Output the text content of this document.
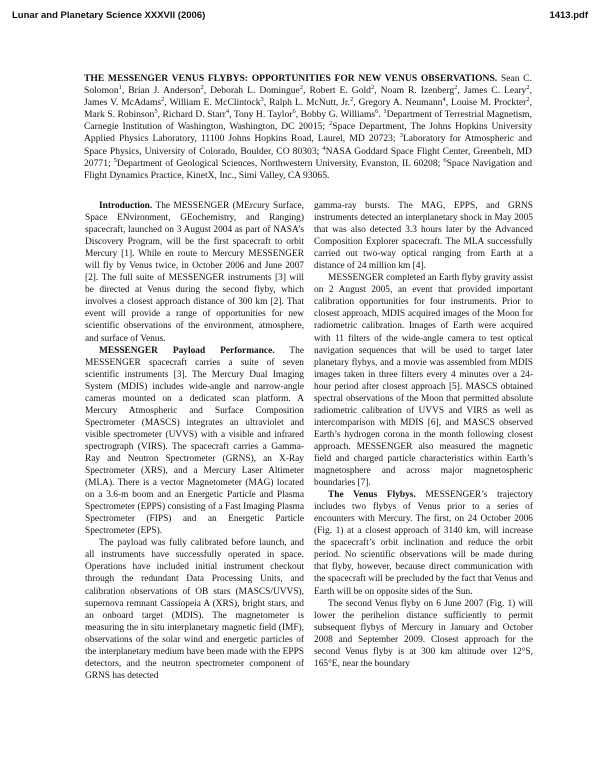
Lunar and Planetary Science XXXVII (2006)	1413.pdf
THE MESSENGER VENUS FLYBYS: OPPORTUNITIES FOR NEW VENUS OBSERVATIONS. Sean C. Solomon$^1$, Brian J. Anderson$^2$, Deborah L. Domingue$^2$, Robert E. Gold$^2$, Noam R. Izenberg$^2$, James C. Leary$^2$, James V. McAdams$^2$, William E. McClintock$^3$, Ralph L. McNutt, Jr.$^2$, Gregory A. Neumann$^4$, Louise M. Prockter$^2$, Mark S. Robinson$^5$, Richard D. Starr$^4$, Tony H. Taylor$^6$, Bobby G. Williams$^6$. $^1$Department of Terrestrial Magnetism, Carnegie Institution of Washington, Washington, DC 20015; $^2$Space Department, The Johns Hopkins University Applied Physics Laboratory, 11100 Johns Hopkins Road, Laurel, MD 20723; $^3$Laboratory for Atmospheric and Space Physics, University of Colorado, Boulder, CO 80303; $^4$NASA Goddard Space Flight Center, Greenbelt, MD 20771; $^5$Department of Geological Sciences, Northwestern University, Evanston, IL 60208; $^6$Space Navigation and Flight Dynamics Practice, KinetX, Inc., Simi Valley, CA 93065.

Introduction. The MESSENGER (MErcury Surface, Space ENvironment, GEochemistry, and Ranging) spacecraft, launched on 3 August 2004 as part of NASA’s Discovery Program, will be the first spacecraft to orbit Mercury [1]. While en route to Mercury MESSENGER will fly by Venus twice, in October 2006 and June 2007 [2]. The full suite of MESSENGER instruments [3] will be directed at Venus during the second flyby, which involves a closest approach distance of 300 km [2]. That event will provide a range of opportunities for new scientific observations of the environment, atmosphere, and surface of Venus.

MESSENGER Payload Performance. The MESSENGER spacecraft carries a suite of seven scientific instruments [3]. The Mercury Dual Imaging System (MDIS) includes wide-angle and narrow-angle cameras mounted on a dedicated scan platform. A Mercury Atmospheric and Surface Composition Spectrometer (MASCS) integrates an ultraviolet and visible spectrometer (UVVS) with a visible and infrared spectrograph (VIRS). The spacecraft carries a Gamma-Ray and Neutron Spectrometer (GRNS), an X-Ray Spectrometer (XRS), and a Mercury Laser Altimeter (MLA). There is a vector Magnetometer (MAG) located on a 3.6-m boom and an Energetic Particle and Plasma Spectrometer (EPPS) consisting of a Fast Imaging Plasma Spectrometer (FIPS) and an Energetic Particle Spectrometer (EPS).

The payload was fully calibrated before launch, and all instruments have successfully operated in space. Operations have included initial instrument checkout through the redundant Data Processing Units, and calibration observations of OB stars (MASCS/UVVS), supernova remnant Cassiopeia A (XRS), bright stars, and an onboard target (MDIS). The magnetometer is measuring the in situ interplanetary magnetic field (IMF), observations of the solar wind and energetic particles of the interplanetary medium have been made with the EPPS detectors, and the neutron spectrometer component of GRNS has detected

gamma-ray bursts. The MAG, EPPS, and GRNS instruments detected an interplanetary shock in May 2005 that was also detected 3.3 hours later by the Advanced Composition Explorer spacecraft. The MLA successfully carried out two-way optical ranging from Earth at a distance of 24 million km [4].

MESSENGER completed an Earth flyby gravity assist on 2 August 2005, an event that provided important calibration opportunities for four instruments. Prior to closest approach, MDIS acquired images of the Moon for radiometric calibration. Images of Earth were acquired with 11 filters of the wide-angle camera to test optical navigation sequences that will be used to target later planetary flybys, and a movie was assembled from MDIS images taken in three filters every 4 minutes over a 24-hour period after closest approach [5]. MASCS obtained spectral observations of the Moon that permitted absolute radiometric calibration of UVVS and VIRS as well as intercomparison with MDIS [6], and MASCS observed Earth’s hydrogen corona in the month following closest approach. MESSENGER also measured the magnetic field and charged particle characteristics within Earth’s magnetosphere and across major magnetospheric boundaries [7].

The Venus Flybys. MESSENGER’s trajectory includes two flybys of Venus prior to a series of encounters with Mercury. The first, on 24 October 2006 (Fig. 1) at a closest approach of 3140 km, will increase the spacecraft’s orbit inclination and reduce the orbit period. No scientific observations will be made during that flyby, however, because direct communication with the spacecraft will be precluded by the fact that Venus and Earth will be on opposite sides of the Sun.

The second Venus flyby on 6 June 2007 (Fig. 1) will lower the perihelion distance sufficiently to permit subsequent flybys of Mercury in January and October 2008 and September 2009. Closest approach for the second Venus flyby is at 300 km altitude over 12°S, 165°E, near the boundary
